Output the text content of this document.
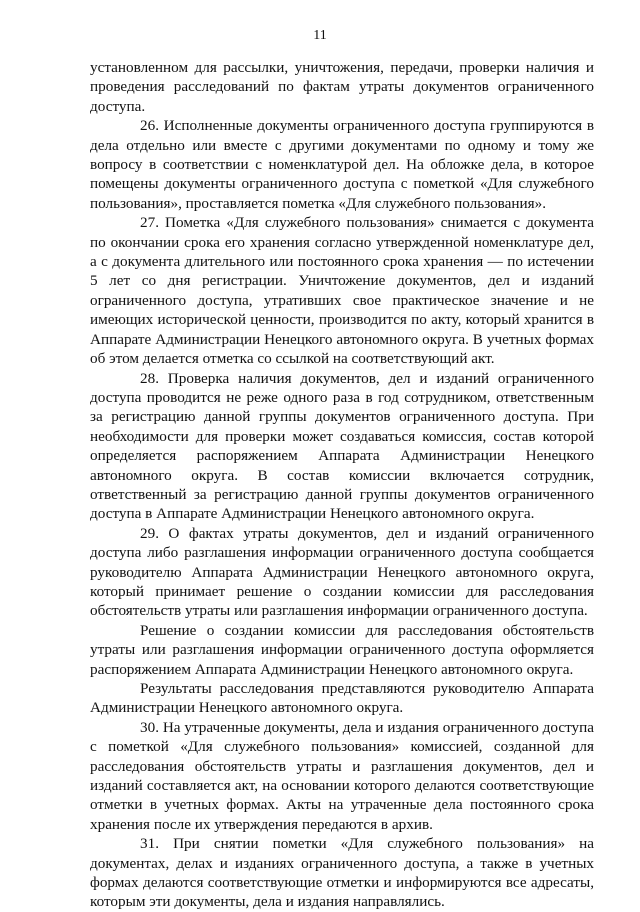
11

установленном для рассылки, уничтожения, передачи, проверки наличия и проведения расследований по фактам утраты документов ограниченного доступа.

26. Исполненные документы ограниченного доступа группируются в дела отдельно или вместе с другими документами по одному и тому же вопросу в соответствии с номенклатурой дел. На обложке дела, в которое помещены документы ограниченного доступа с пометкой «Для служебного пользования», проставляется пометка «Для служебного пользования».

27. Пометка «Для служебного пользования» снимается с документа по окончании срока его хранения согласно утвержденной номенклатуре дел, а с документа длительного или постоянного срока хранения — по истечении 5 лет со дня регистрации. Уничтожение документов, дел и изданий ограниченного доступа, утративших свое практическое значение и не имеющих исторической ценности, производится по акту, который хранится в Аппарате Администрации Ненецкого автономного округа. В учетных формах об этом делается отметка со ссылкой на соответствующий акт.

28. Проверка наличия документов, дел и изданий ограниченного доступа проводится не реже одного раза в год сотрудником, ответственным за регистрацию данной группы документов ограниченного доступа. При необходимости для проверки может создаваться комиссия, состав которой определяется распоряжением Аппарата Администрации Ненецкого автономного округа. В состав комиссии включается сотрудник, ответственный за регистрацию данной группы документов ограниченного доступа в Аппарате Администрации Ненецкого автономного округа.

29. О фактах утраты документов, дел и изданий ограниченного доступа либо разглашения информации ограниченного доступа сообщается руководителю Аппарата Администрации Ненецкого автономного округа, который принимает решение о создании комиссии для расследования обстоятельств утраты или разглашения информации ограниченного доступа.

Решение о создании комиссии для расследования обстоятельств утраты или разглашения информации ограниченного доступа оформляется распоряжением Аппарата Администрации Ненецкого автономного округа.

Результаты расследования представляются руководителю Аппарата Администрации Ненецкого автономного округа.

30. На утраченные документы, дела и издания ограниченного доступа с пометкой «Для служебного пользования» комиссией, созданной для расследования обстоятельств утраты и разглашения документов, дел и изданий составляется акт, на основании которого делаются соответствующие отметки в учетных формах. Акты на утраченные дела постоянного срока хранения после их утверждения передаются в архив.

31. При снятии пометки «Для служебного пользования» на документах, делах и изданиях ограниченного доступа, а также в учетных формах делаются соответствующие отметки и информируются все адресаты, которым эти документы, дела и издания направлялись.
